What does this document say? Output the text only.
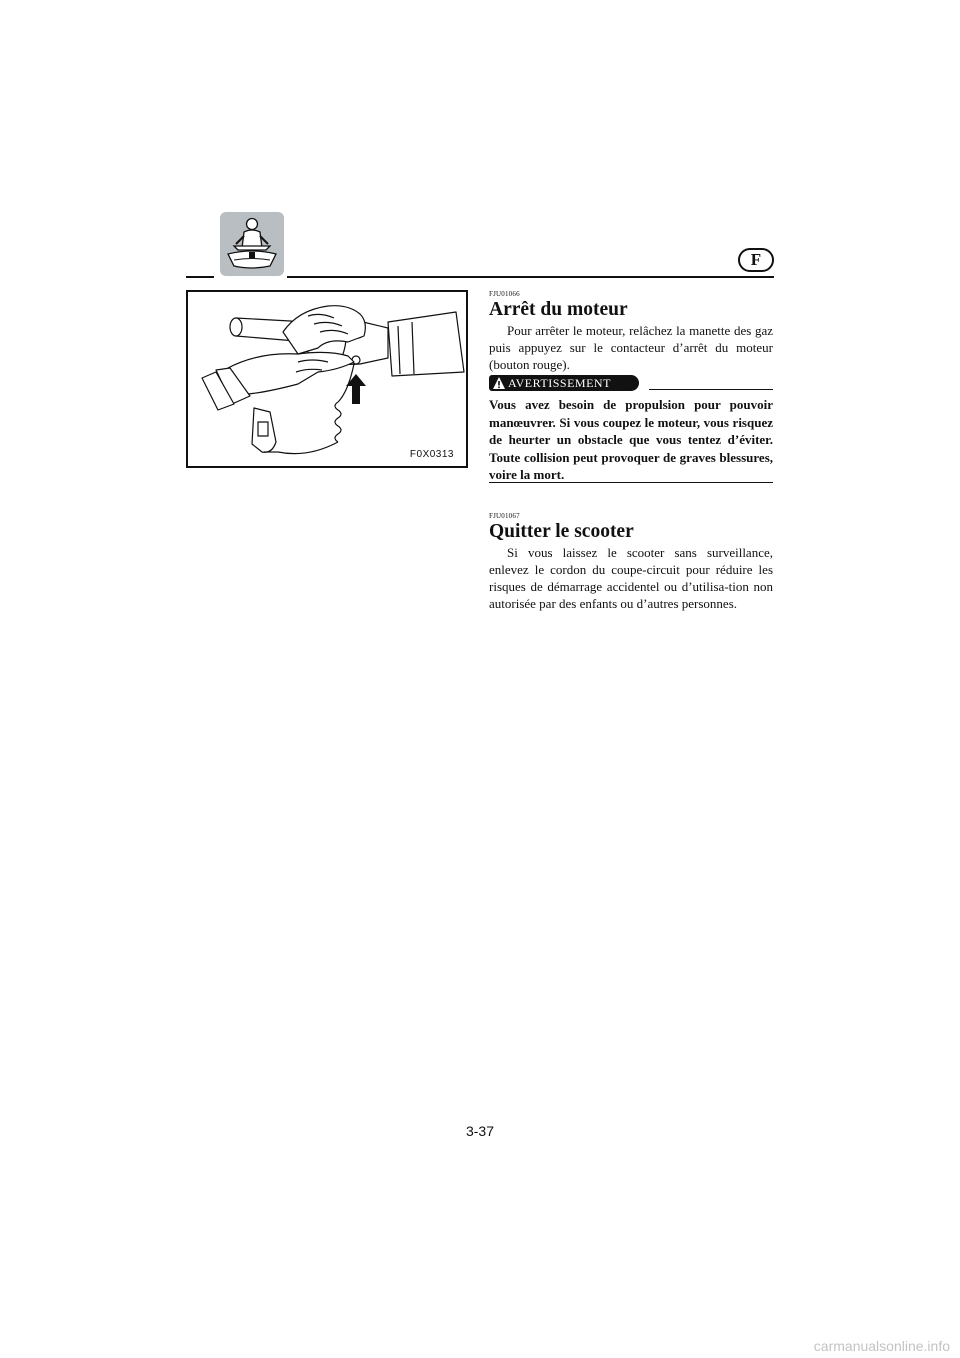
F
F0X0313
FJU01066
Arrêt du moteur

Pour arrêter le moteur, relâchez la manette des gaz puis appuyez sur le contacteur d’arrêt du moteur (bouton rouge).

AVERTISSEMENT

Vous avez besoin de propulsion pour pouvoir manœuvrer. Si vous coupez le moteur, vous risquez de heurter un obstacle que vous tentez d’éviter. Toute collision peut provoquer de graves blessures, voire la mort.

FJU01067
Quitter le scooter

Si vous laissez le scooter sans surveillance, enlevez le cordon du coupe-circuit pour réduire les risques de démarrage accidentel ou d’utilisa-tion non autorisée par des enfants ou d’autres personnes.

3-37
carmanualsonline.info
